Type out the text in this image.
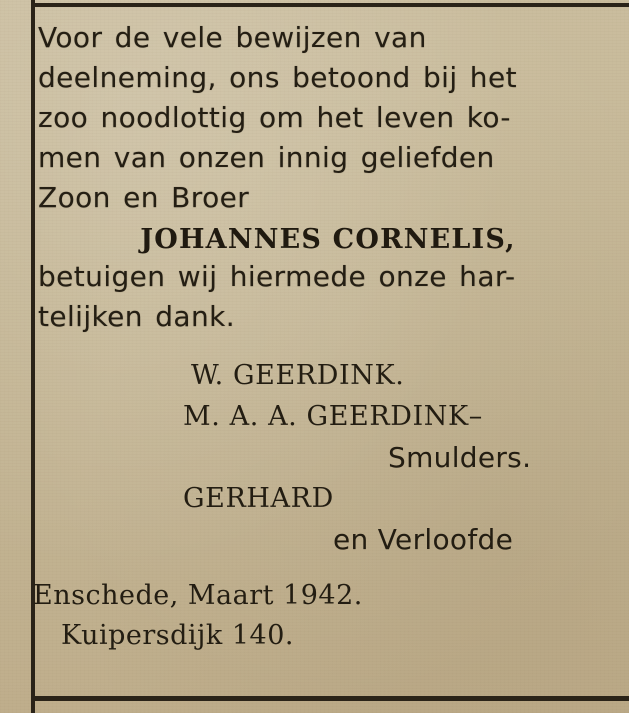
Voor de vele bewijzen van
deelneming, ons betoond bij het
zoo noodlottig om het leven ko-
men van onzen innig geliefden
Zoon en Broer
JOHANNES CORNELIS,
betuigen wij hiermede onze har-
telijken dank.
W. GEERDINK.
M. A. A. GEERDINK–
Smulders.
GERHARD
en Verloofde
Enschede, Maart 1942.
Kuipersdijk 140.
